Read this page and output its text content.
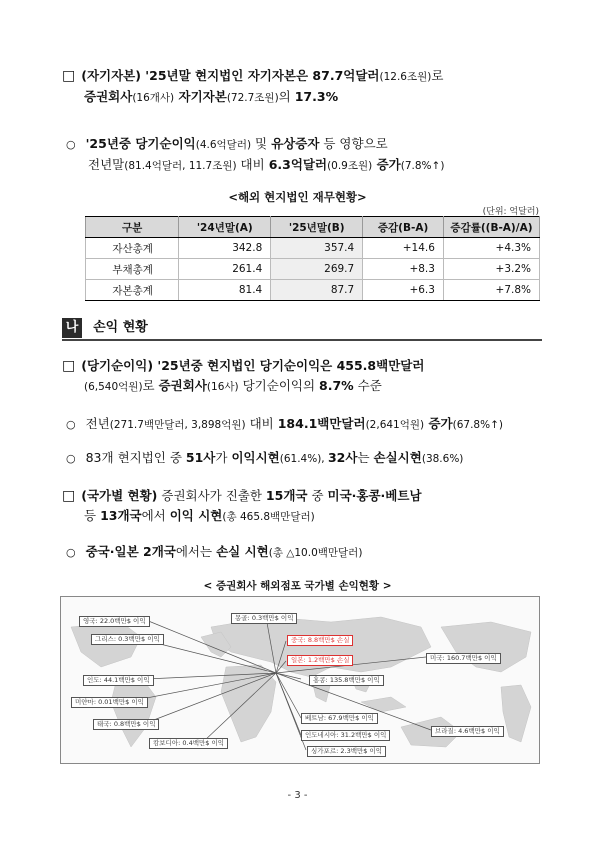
□ (자기자본) '25년말 현지법인 자기자본은 87.7억달러(12.6조원)로
증권회사(16개사) 자기자본(72.7조원)의 17.3%
○ '25년중 당기순이익(4.6억달러) 및 유상증자 등 영향으로
전년말(81.4억달러, 11.7조원) 대비 6.3억달러(0.9조원) 증가(7.8%↑)
<해외 현지법인 재무현황>
(단위: 억달러)
구분	'24년말(A)	'25년말(B)	증감(B-A)	증감률((B-A)/A)
자산총계	342.8	357.4	+14.6	+4.3%
부채총계	261.4	269.7	+8.3	+3.2%
자본총계	81.4	87.7	+6.3	+7.8%
나 손익 현황
□ (당기순이익) '25년중 현지법인 당기순이익은 455.8백만달러
(6,540억원)로 증권회사(16사) 당기순이익의 8.7% 수준
○ 전년(271.7백만달러, 3,898억원) 대비 184.1백만달러(2,641억원) 증가(67.8%↑)
○ 83개 현지법인 중 51사가 이익시현(61.4%), 32사는 손실시현(38.6%)
□ (국가별 현황) 증권회사가 진출한 15개국 중 미국·홍콩·베트남
등 13개국에서 이익 시현(총 465.8백만달러)
○ 중국·일본 2개국에서는 손실 시현(총 △10.0백만달러)
< 증권회사 해외점포 국가별 손익현황 >
영국: 22.0백만$ 이익	몽골: 0.3백만$ 이익
그리스: 0.3백만$ 이익	중국: 8.8백만$ 손실
일본: 1.2백만$ 손실	미국: 160.7백만$ 이익
인도: 44.1백만$ 이익	홍콩: 135.8백만$ 이익
미얀마: 0.01백만$ 이익
태국: 0.8백만$ 이익
베트남: 67.9백만$ 이익
인도네시아: 31.2백만$ 이익
캄보디아: 0.4백만$ 이익
싱가포르: 2.3백만$ 이익
브라질: 4.6백만$ 이익
- 3 -
